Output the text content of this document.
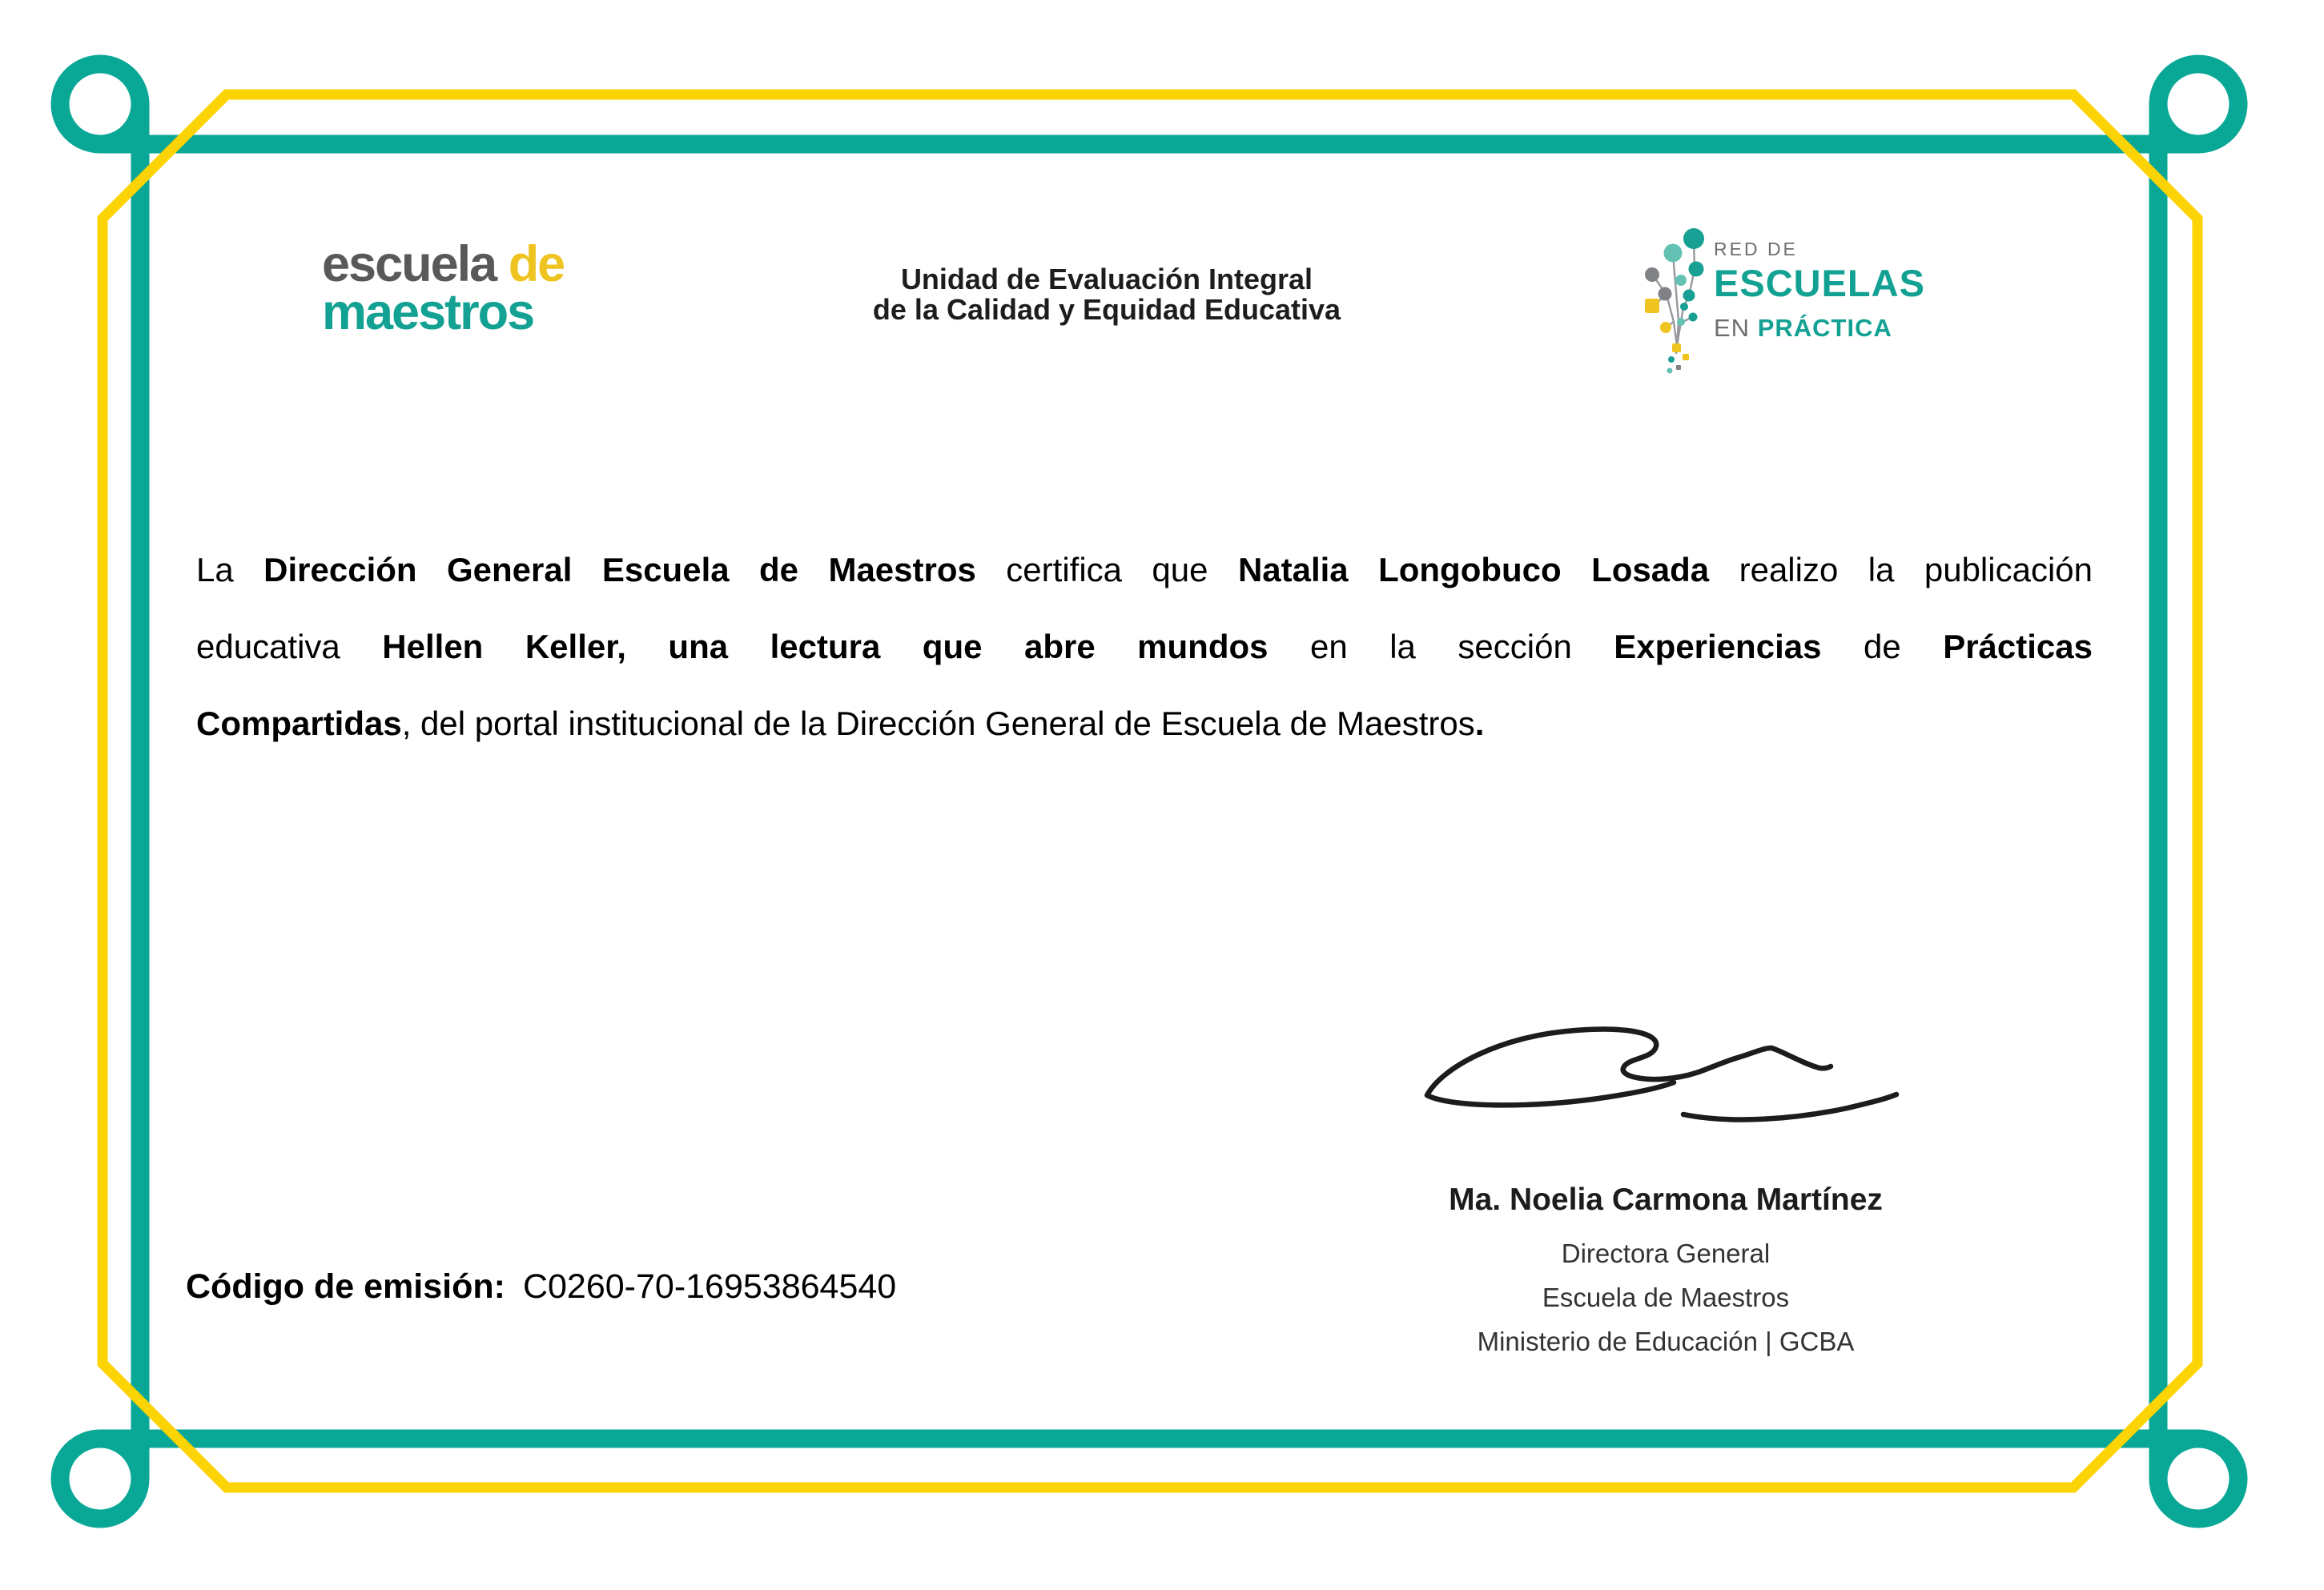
escuela de
maestros
Unidad de Evaluación Integral
de la Calidad y Equidad Educativa
RED DE
ESCUELAS
EN PRÁCTICA
La Dirección General Escuela de Maestros certifica que Natalia Longobuco Losada realizo la publicación
educativa Hellen Keller, una lectura que abre mundos en la sección Experiencias de Prácticas
Compartidas, del portal institucional de la Dirección General de Escuela de Maestros.
Ma. Noelia Carmona Martínez
Directora General
Escuela de Maestros
Ministerio de Educación | GCBA
Código de emisión: C0260-70-16953864540
